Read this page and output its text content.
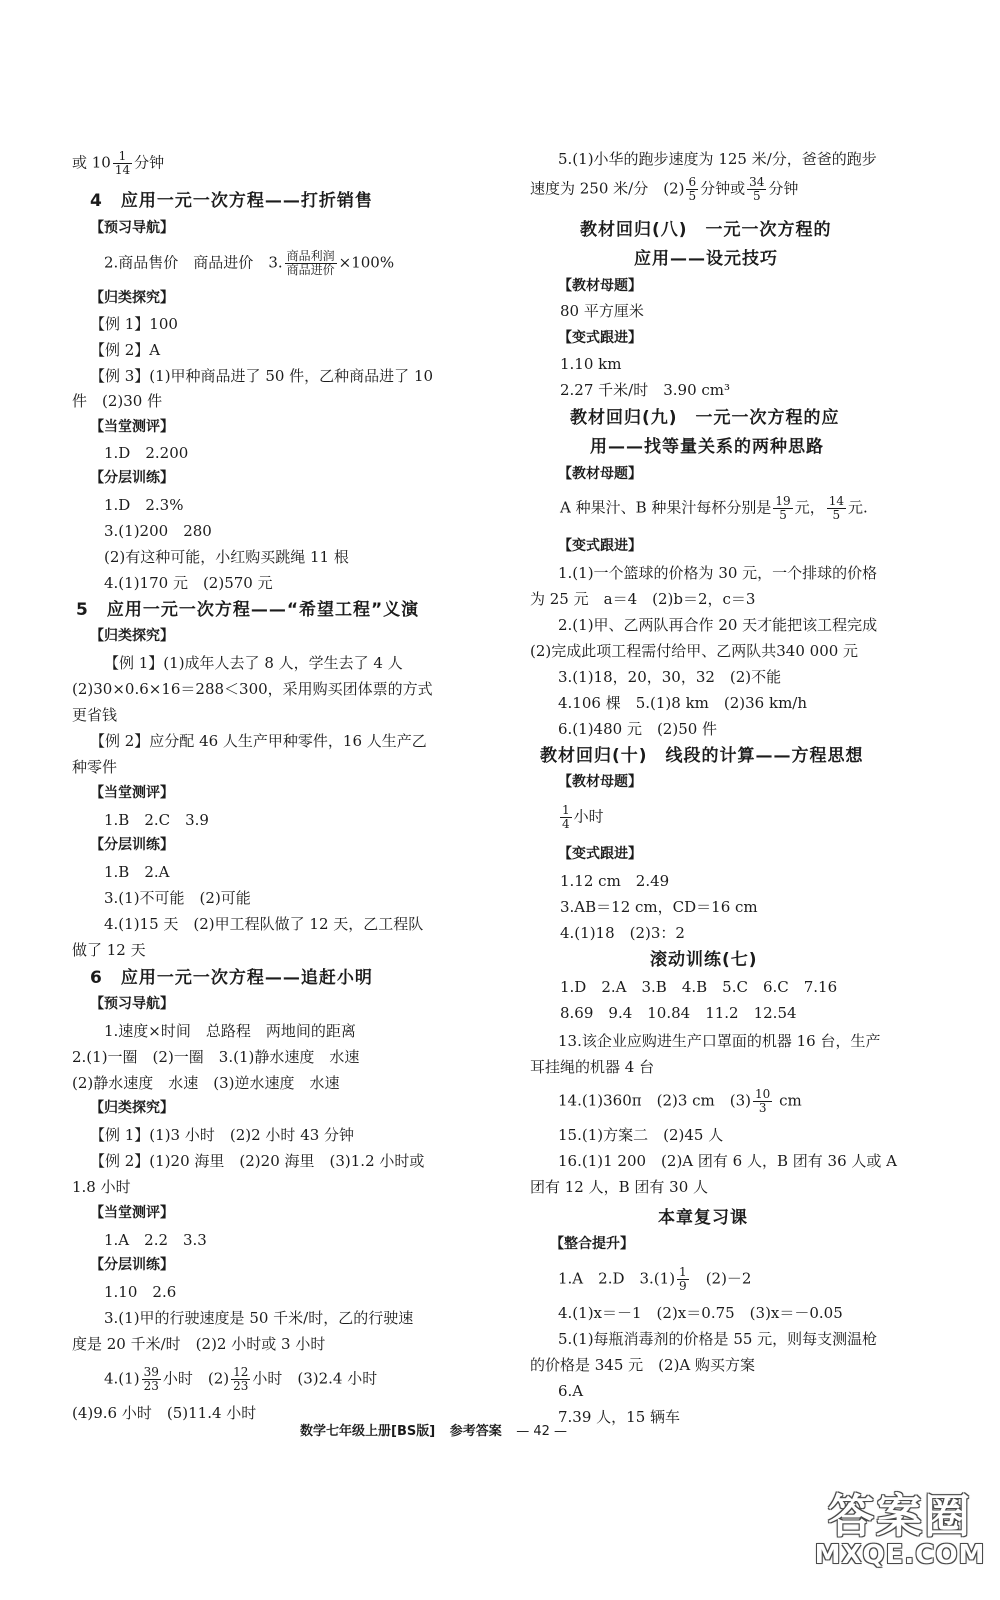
或 $10 \frac{1}{14}$ 分钟
4　应用一元一次方程——打折销售
【预习导航】
2.商品售价　商品进价　3. $\frac{\text{商品利润}}{\text{商品进价}} \times 100\%$
【归类探究】
【例 1】100
【例 2】A
【例 3】(1)甲种商品进了 50 件，乙种商品进了 10
件　(2)30 件
【当堂测评】
1.D　2.200
【分层训练】
1.D　2.3%
3.(1)200　280
(2)有这种可能，小红购买跳绳 11 根
4.(1)170 元　(2)570 元
5　应用一元一次方程——“希望工程”义演
【归类探究】
【例 1】(1)成年人去了 8 人，学生去了 4 人
(2)30×0.6×16＝288＜300，采用购买团体票的方式
更省钱
【例 2】应分配 46 人生产甲种零件，16 人生产乙
种零件
【当堂测评】
1.B　2.C　3.9
【分层训练】
1.B　2.A
3.(1)不可能　(2)可能
4.(1)15 天　(2)甲工程队做了 12 天，乙工程队
做了 12 天
6　应用一元一次方程——追赶小明
【预习导航】
1.速度×时间　总路程　两地间的距离
2.(1)一圈　(2)一圈　3.(1)静水速度　水速
(2)静水速度　水速　(3)逆水速度　水速
【归类探究】
【例 1】(1)3 小时　(2)2 小时 43 分钟
【例 2】(1)20 海里　(2)20 海里　(3)1.2 小时或
1.8 小时
【当堂测评】
1.A　2.2　3.3
【分层训练】
1.10　2.6
3.(1)甲的行驶速度是 50 千米/时，乙的行驶速
度是 20 千米/时　(2)2 小时或 3 小时
$4.(1) \frac{39}{23}$ 小时　$(2) \frac{12}{23}$ 小时　(3)2.4 小时
(4)9.6 小时　(5)11.4 小时
5.(1)小华的跑步速度为 125 米/分，爸爸的跑步
速度为 250 米/分　$(2) \frac{6}{5}$ 分钟或 $\frac{34}{5}$ 分钟
教材回归(八)　一元一次方程的
应用——设元技巧
【教材母题】
80 平方厘米
【变式跟进】
1.10 km
2.27 千米/时　3.90 cm³
教材回归(九)　一元一次方程的应
用——找等量关系的两种思路
【教材母题】
A 种果汁、B 种果汁每杯分别是 $\frac{19}{5}$ 元， $\frac{14}{5}$ 元.
【变式跟进】
1.(1)一个篮球的价格为 30 元，一个排球的价格
为 25 元　a＝4　(2)b＝2，c＝3
2.(1)甲、乙两队再合作 20 天才能把该工程完成
(2)完成此项工程需付给甲、乙两队共340 000 元
3.(1)18，20，30，32　(2)不能
4.106 棵　5.(1)8 km　(2)36 km/h
6.(1)480 元　(2)50 件
教材回归(十)　线段的计算——方程思想
【教材母题】
$\frac{1}{4}$ 小时
【变式跟进】
1.12 cm　2.49
3.AB＝12 cm，CD＝16 cm
4.(1)18　(2)3：2
滚动训练(七)
1.D　2.A　3.B　4.B　5.C　6.C　7.16
8.69　9.4　10.84　11.2　12.54
13.该企业应购进生产口罩面的机器 16 台，生产
耳挂绳的机器 4 台
14.(1)360π　(2)3 cm　$(3) \frac{10}{3}$ cm
15.(1)方案二　(2)45 人
16.(1)1 200　(2)A 团有 6 人，B 团有 36 人或 A
团有 12 人，B 团有 30 人
本章复习课
【整合提升】
1.A　2.D　$3.(1) \frac{1}{9}$ 　(2)－2
4.(1)x＝－1　(2)x＝0.75　(3)x＝－0.05
5.(1)每瓶消毒剂的价格是 55 元，则每支测温枪
的价格是 345 元　(2)A 购买方案
6.A
7.39 人，15 辆车
数学七年级上册[BS版] 参考答案 — 42 —
答案圈
MXQE.COM
